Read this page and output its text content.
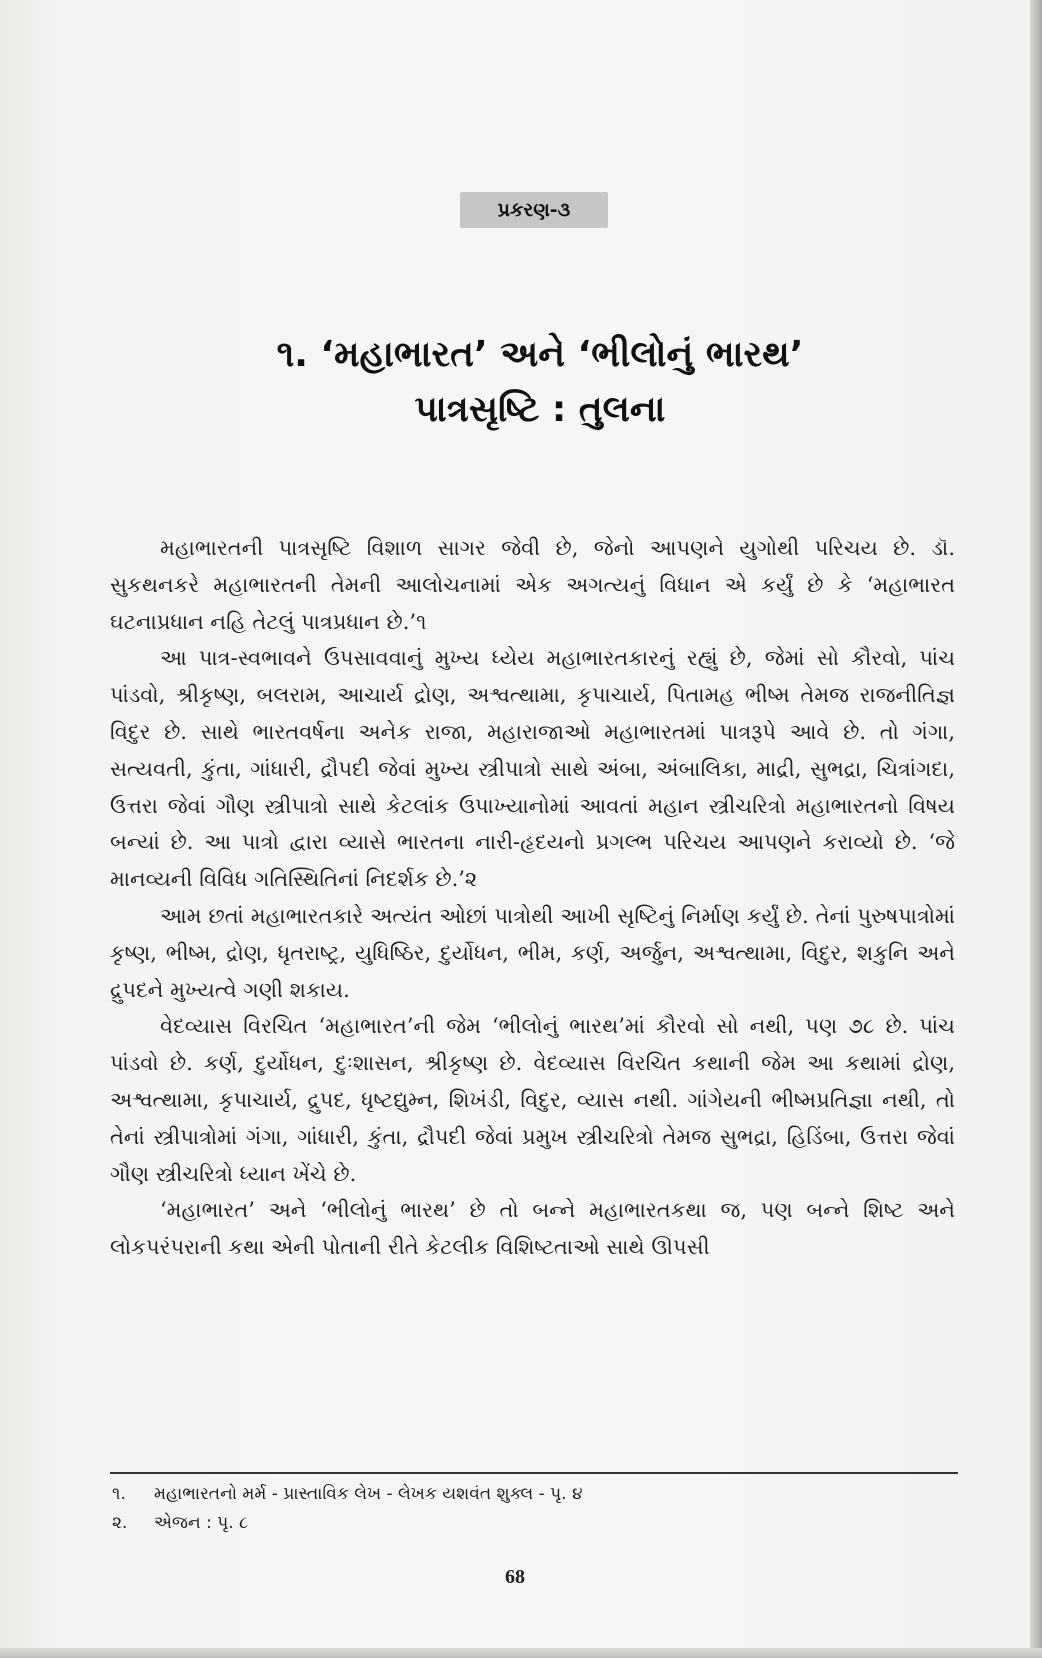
પ્રકરણ-૩
૧. ‘મહાભારત’ અને ‘ભીલોનું ભારથ’
પાત્રસૃષ્ટિ : તુલના

મહાભારતની પાત્રસૃષ્ટિ વિશાળ સાગર જેવી છે, જેનો આપણને યુગોથી પરિચય છે. ડૉ. સુકથનકરે મહાભારતની તેમની આલોચનામાં એક અગત્યનું વિધાન એ કર્યું છે કે ‘મહાભારત ઘટનાપ્રધાન નહિ તેટલું પાત્રપ્રધાન છે.’૧

આ પાત્ર-સ્વભાવને ઉપસાવવાનું મુખ્ય ધ્યેય મહાભારતકારનું રહ્યું છે, જેમાં સો કૌરવો, પાંચ પાંડવો, શ્રીકૃષ્ણ, બલરામ, આચાર્ય દ્રોણ, અશ્વત્થામા, કૃપાચાર્ય, પિતામહ ભીષ્મ તેમજ રાજનીતિજ્ઞ વિદુર છે. સાથે ભારતવર્ષના અનેક રાજા, મહારાજાઓ મહાભારતમાં પાત્રરૂપે આવે છે. તો ગંગા, સત્યવતી, કુંતા, ગાંધારી, દ્રૌપદી જેવાં મુખ્ય સ્ત્રીપાત્રો સાથે અંબા, અંબાલિકા, માદ્રી, સુભદ્રા, ચિત્રાંગદા, ઉત્તરા જેવાં ગૌણ સ્ત્રીપાત્રો સાથે કેટલાંક ઉપાખ્યાનોમાં આવતાં મહાન સ્ત્રીચરિત્રો મહાભારતનો વિષય બન્યાં છે. આ પાત્રો દ્વારા વ્યાસે ભારતના નારી-હૃદયનો પ્રગલ્ભ પરિચય આપણને કરાવ્યો છે. ‘જે માનવ્યની વિવિધ ગતિસ્થિતિનાં નિદર્શક છે.’૨

આમ છતાં મહાભારતકારે અત્યંત ઓછાં પાત્રોથી આખી સૃષ્ટિનું નિર્માણ કર્યું છે. તેનાં પુરુષપાત્રોમાં કૃષ્ણ, ભીષ્મ, દ્રોણ, ધૃતરાષ્ટ્ર, યુધિષ્ઠિર, દુર્યોધન, ભીમ, કર્ણ, અર્જુન, અશ્વત્થામા, વિદુર, શકુનિ અને દ્રુપદને મુખ્યત્વે ગણી શકાય.

વેદવ્યાસ વિરચિત ‘મહાભારત’ની જેમ ‘ભીલોનું ભારથ’માં કૌરવો સો નથી, પણ ૭૮ છે. પાંચ પાંડવો છે. કર્ણ, દુર્યોધન, દુઃશાસન, શ્રીકૃષ્ણ છે. વેદવ્યાસ વિરચિત કથાની જેમ આ કથામાં દ્રોણ, અશ્વત્થામા, કૃપાચાર્ય, દ્રુપદ, ધૃષ્ટદ્યુમ્ન, શિખંડી, વિદુર, વ્યાસ નથી. ગાંગેયની ભીષ્મપ્રતિજ્ઞા નથી, તો તેનાં સ્ત્રીપાત્રોમાં ગંગા, ગાંધારી, કુંતા, દ્રૌપદી જેવાં પ્રમુખ સ્ત્રીચરિત્રો તેમજ સુભદ્રા, હિડિંબા, ઉત્તરા જેવાં ગૌણ સ્ત્રીચરિત્રો ધ્યાન ખેંચે છે.

‘મહાભારત’ અને ‘ભીલોનું ભારથ’ છે તો બન્ને મહાભારતકથા જ, પણ બન્ને શિષ્ટ અને લોકપરંપરાની કથા એની પોતાની રીતે કેટલીક વિશિષ્ટતાઓ સાથે ઊપસી

૧.	મહાભારતનો મર્મ - પ્રાસ્તાવિક લેખ - લેખક યશવંત શુક્લ - પૃ. ૪
૨.	એજન : પૃ. ૮
68
